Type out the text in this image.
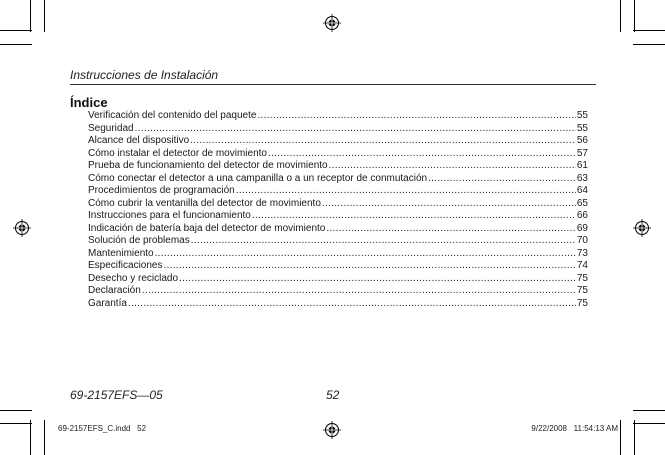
Instrucciones de Instalación
Índice
Verificación del contenido del paquete .....	55
Seguridad .....	55
Alcance del dispositivo .....	56
Cómo instalar el detector de movimiento .....	57
Prueba de funcionamiento del detector de movimiento .....	61
Cómo conectar el detector a una campanilla o a un receptor de conmutación .....	63
Procedimientos de programación .....	64
Cómo cubrir la ventanilla del detector de movimiento .....	65
Instrucciones para el funcionamiento .....	66
Indicación de batería baja del detector de movimiento .....	69
Solución de problemas .....	70
Mantenimiento .....	73
Especificaciones .....	74
Desecho y reciclado .....	75
Declaración .....	75
Garantía .....	75
69-2157EFS—05	52
69-2157EFS_C.indd   52	9/22/2008   11:54:13 AM
